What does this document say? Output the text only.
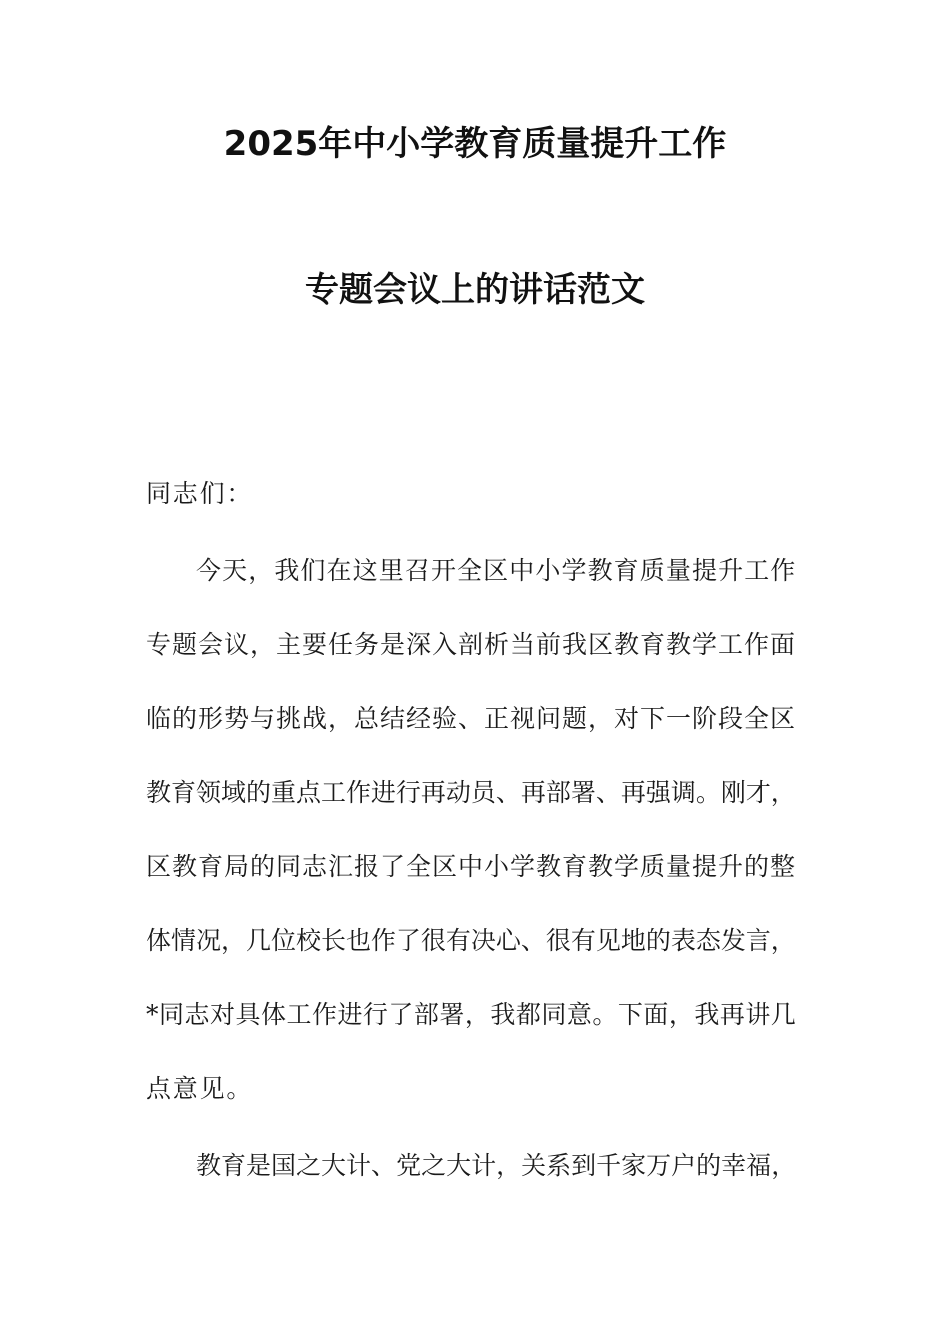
2025年中小学教育质量提升工作
专题会议上的讲话范文
同志们：
今天，我们在这里召开全区中小学教育质量提升工作
专题会议，主要任务是深入剖析当前我区教育教学工作面
临的形势与挑战，总结经验、正视问题，对下一阶段全区
教育领域的重点工作进行再动员、再部署、再强调。刚才，
区教育局的同志汇报了全区中小学教育教学质量提升的整
体情况，几位校长也作了很有决心、很有见地的表态发言，
*同志对具体工作进行了部署，我都同意。下面，我再讲几
点意见。
教育是国之大计、党之大计，关系到千家万户的幸福，
